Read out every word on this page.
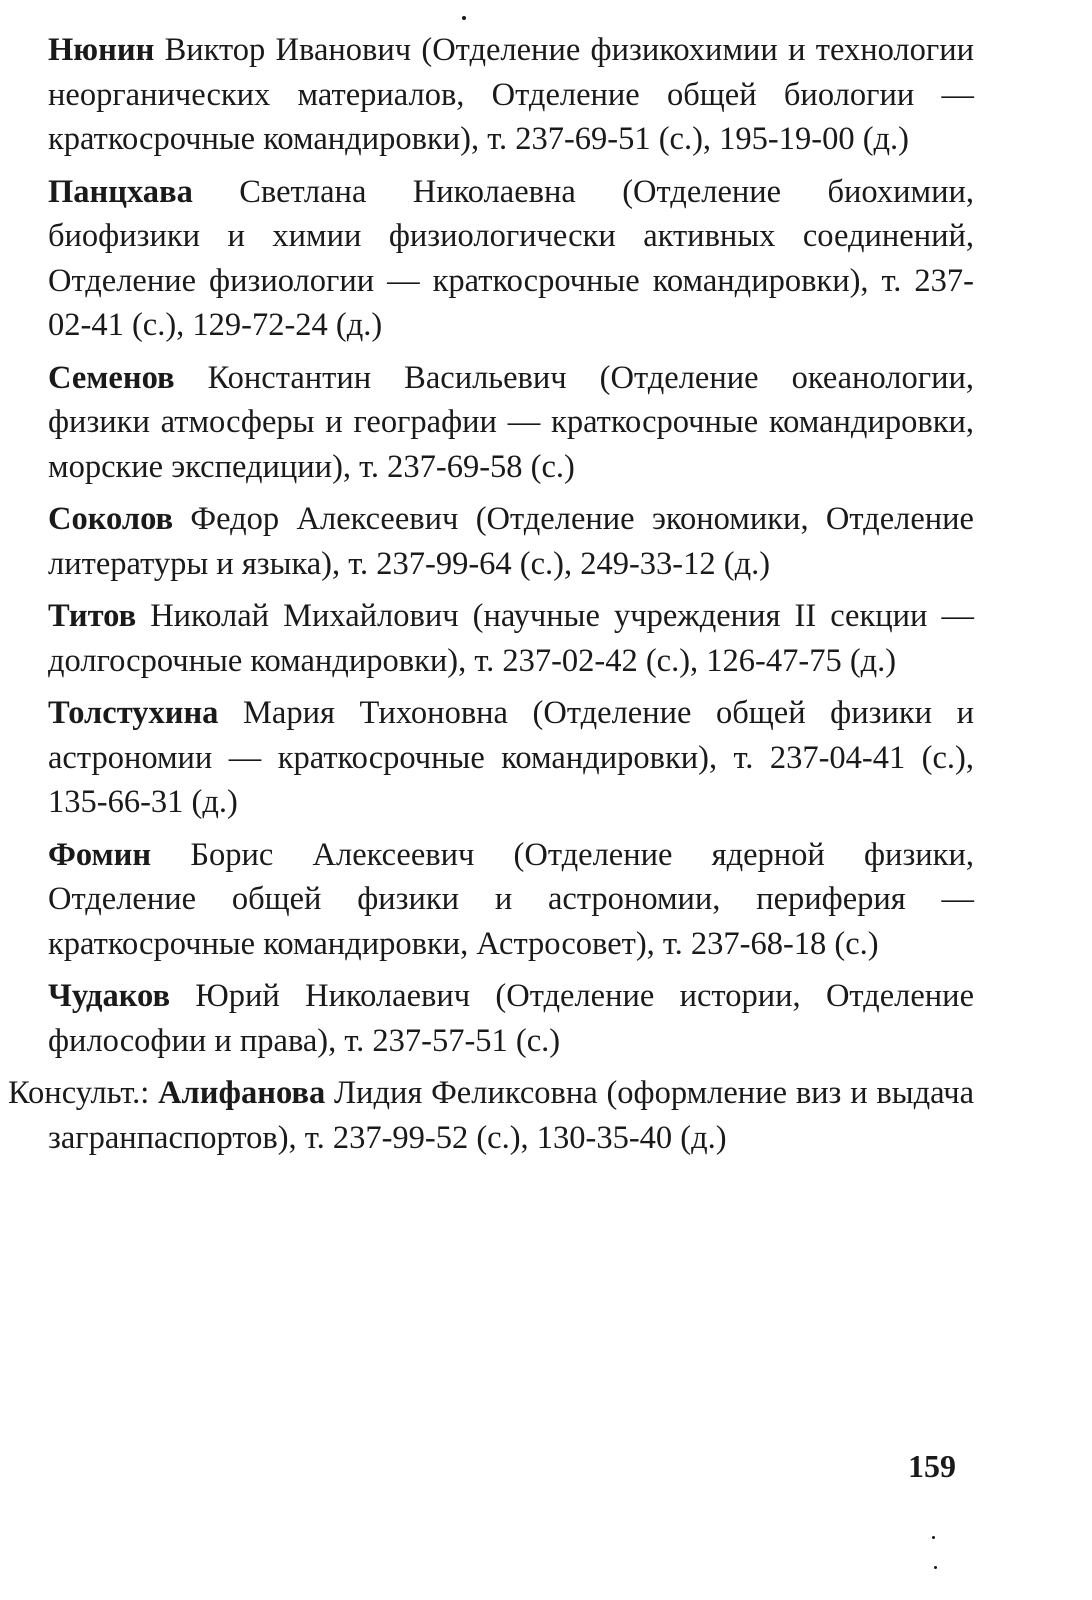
Нюнин Виктор Иванович (Отделение физикохимии и технологии неорганических материалов, Отделение общей биологии — краткосрочные командировки), т. 237-69-51 (с.), 195-19-00 (д.)

Панцхава Светлана Николаевна (Отделение биохимии, биофизики и химии физиологически активных соединений, Отделение физиологии — краткосрочные командировки), т. 237-02-41 (с.), 129-72-24 (д.)

Семенов Константин Васильевич (Отделение океанологии, физики атмосферы и географии — краткосрочные командировки, морские экспедиции), т. 237-69-58 (с.)

Соколов Федор Алексеевич (Отделение экономики, Отделение литературы и языка), т. 237-99-64 (с.), 249-33-12 (д.)

Титов Николай Михайлович (научные учреждения II секции — долгосрочные командировки), т. 237-02-42 (с.), 126-47-75 (д.)

Толстухина Мария Тихоновна (Отделение общей физики и астрономии — краткосрочные командировки), т. 237-04-41 (с.), 135-66-31 (д.)

Фомин Борис Алексеевич (Отделение ядерной физики, Отделение общей физики и астрономии, периферия — краткосрочные командировки, Астросовет), т. 237-68-18 (с.)

Чудаков Юрий Николаевич (Отделение истории, Отделение философии и права), т. 237-57-51 (с.)

Консульт.: Алифанова Лидия Феликсовна (оформление виз и выдача загранпаспортов), т. 237-99-52 (с.), 130-35-40 (д.)

159
